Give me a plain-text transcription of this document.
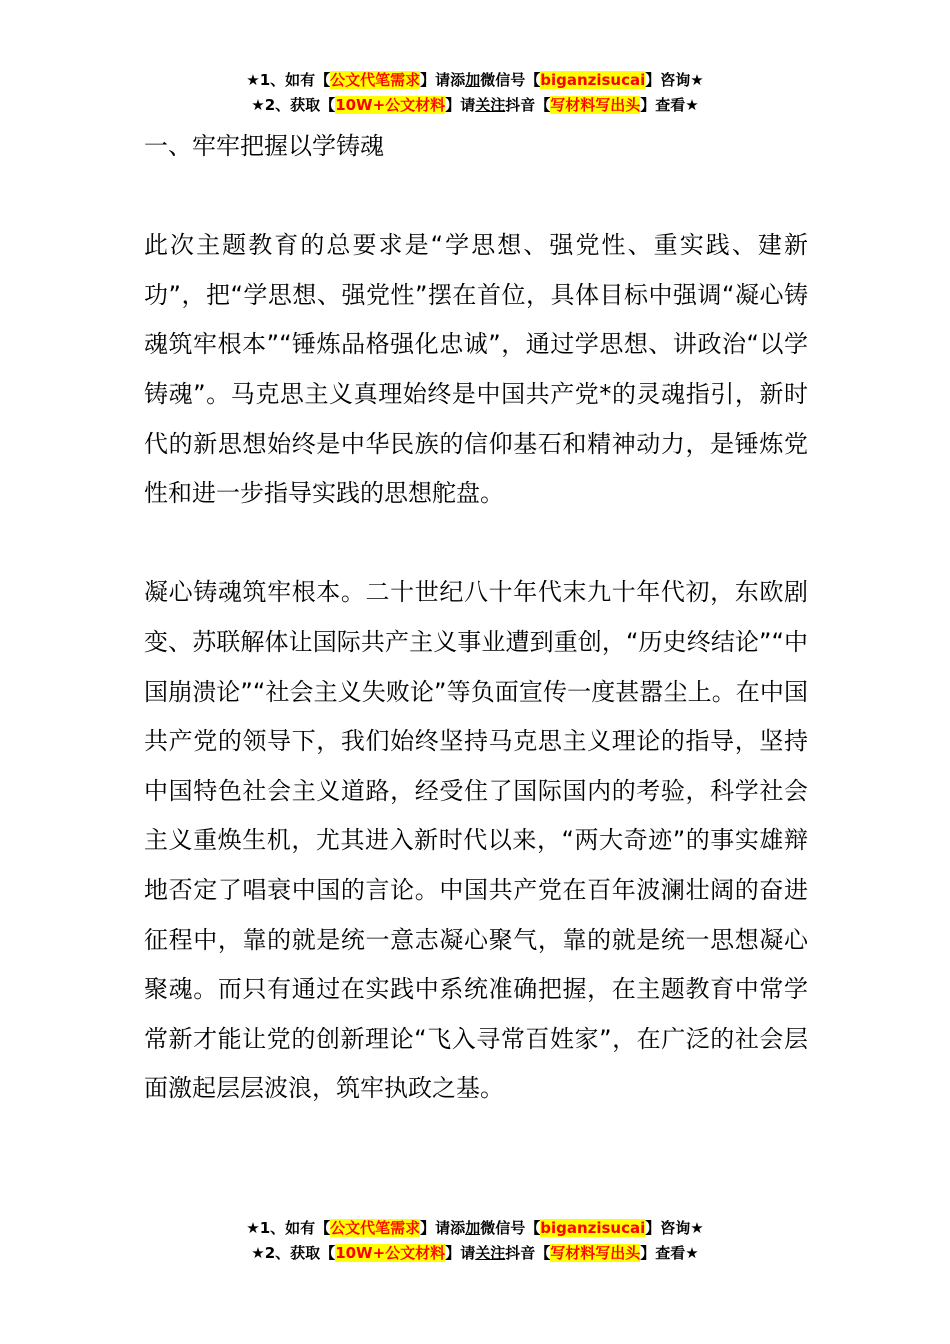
★1、如有【公文代笔需求】请添加微信号【biganzisucai】咨询★
★2、获取【10W+公文材料】请关注抖音【写材料写出头】查看★

一、牢牢把握以学铸魂

此次主题教育的总要求是“学思想、强党性、重实践、建新功”，把“学思想、强党性”摆在首位，具体目标中强调“凝心铸魂筑牢根本”“锤炼品格强化忠诚”，通过学思想、讲政治“以学铸魂”。马克思主义真理始终是中国共产党*的灵魂指引，新时代的新思想始终是中华民族的信仰基石和精神动力，是锤炼党性和进一步指导实践的思想舵盘。

凝心铸魂筑牢根本。二十世纪八十年代末九十年代初，东欧剧变、苏联解体让国际共产主义事业遭到重创，“历史终结论”“中国崩溃论”“社会主义失败论”等负面宣传一度甚嚣尘上。在中国共产党的领导下，我们始终坚持马克思主义理论的指导，坚持中国特色社会主义道路，经受住了国际国内的考验，科学社会主义重焕生机，尤其进入新时代以来，“两大奇迹”的事实雄辩地否定了唱衰中国的言论。中国共产党在百年波澜壮阔的奋进征程中，靠的就是统一意志凝心聚气，靠的就是统一思想凝心聚魂。而只有通过在实践中系统准确把握，在主题教育中常学常新才能让党的创新理论“飞入寻常百姓家”，在广泛的社会层面激起层层波浪，筑牢执政之基。

★1、如有【公文代笔需求】请添加微信号【biganzisucai】咨询★
★2、获取【10W+公文材料】请关注抖音【写材料写出头】查看★
